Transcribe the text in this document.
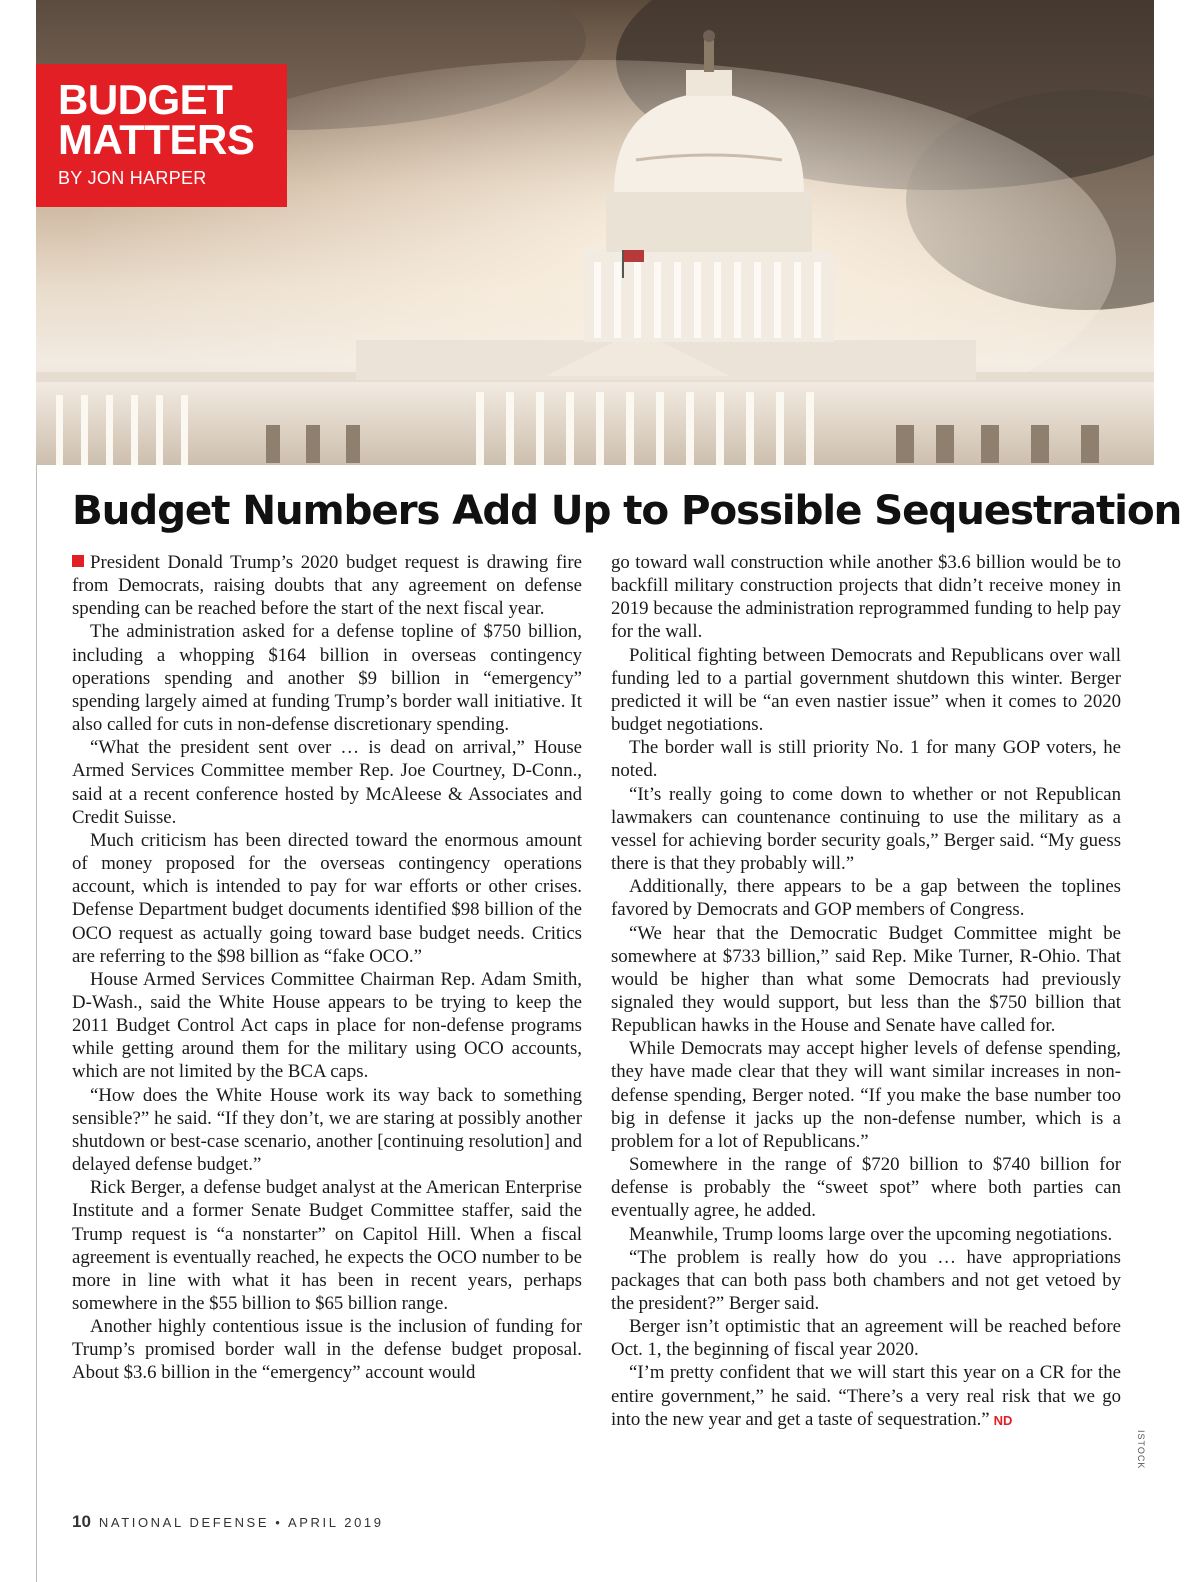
BUDGET
MATTERS
BY JON HARPER
Budget Numbers Add Up to Possible Sequestration

President Donald Trump’s 2020 budget request is drawing fire from Democrats, raising doubts that any agreement on defense spending can be reached before the start of the next fiscal year.

The administration asked for a defense topline of $750 billion, including a whopping $164 billion in overseas contingency operations spending and another $9 billion in “emergency” spending largely aimed at funding Trump’s border wall initiative. It also called for cuts in non-defense discretionary spending.

“What the president sent over … is dead on arrival,” House Armed Services Committee member Rep. Joe Courtney, D-Conn., said at a recent conference hosted by McAleese & Associates and Credit Suisse.

Much criticism has been directed toward the enormous amount of money proposed for the overseas contingency operations account, which is intended to pay for war efforts or other crises. Defense Department budget documents identified $98 billion of the OCO request as actually going toward base budget needs. Critics are referring to the $98 billion as “fake OCO.”

House Armed Services Committee Chairman Rep. Adam Smith, D-Wash., said the White House appears to be trying to keep the 2011 Budget Control Act caps in place for non-defense programs while getting around them for the military using OCO accounts, which are not limited by the BCA caps.

“How does the White House work its way back to something sensible?” he said. “If they don’t, we are staring at possibly another shutdown or best-case scenario, another [continuing resolution] and delayed defense budget.”

Rick Berger, a defense budget analyst at the American Enterprise Institute and a former Senate Budget Committee staffer, said the Trump request is “a nonstarter” on Capitol Hill. When a fiscal agreement is eventually reached, he expects the OCO number to be more in line with what it has been in recent years, perhaps somewhere in the $55 billion to $65 billion range.

Another highly contentious issue is the inclusion of funding for Trump’s promised border wall in the defense budget proposal. About $3.6 billion in the “emergency” account would

go toward wall construction while another $3.6 billion would be to backfill military construction projects that didn’t receive money in 2019 because the administration reprogrammed funding to help pay for the wall.

Political fighting between Democrats and Republicans over wall funding led to a partial government shutdown this winter. Berger predicted it will be “an even nastier issue” when it comes to 2020 budget negotiations.

The border wall is still priority No. 1 for many GOP voters, he noted.

“It’s really going to come down to whether or not Republican lawmakers can countenance continuing to use the military as a vessel for achieving border security goals,” Berger said. “My guess there is that they probably will.”

Additionally, there appears to be a gap between the toplines favored by Democrats and GOP members of Congress.

“We hear that the Democratic Budget Committee might be somewhere at $733 billion,” said Rep. Mike Turner, R-Ohio. That would be higher than what some Democrats had previously signaled they would support, but less than the $750 billion that Republican hawks in the House and Senate have called for.

While Democrats may accept higher levels of defense spending, they have made clear that they will want similar increases in non-defense spending, Berger noted. “If you make the base number too big in defense it jacks up the non-defense number, which is a problem for a lot of Republicans.”

Somewhere in the range of $720 billion to $740 billion for defense is probably the “sweet spot” where both parties can eventually agree, he added.

Meanwhile, Trump looms large over the upcoming negotiations.

“The problem is really how do you … have appropriations packages that can both pass both chambers and not get vetoed by the president?” Berger said.

Berger isn’t optimistic that an agreement will be reached before Oct. 1, the beginning of fiscal year 2020.

“I’m pretty confident that we will start this year on a CR for the entire government,” he said. “There’s a very real risk that we go into the new year and get a taste of sequestration.” ND

ISTOCK
10 NATIONAL DEFENSE • APRIL 2019
